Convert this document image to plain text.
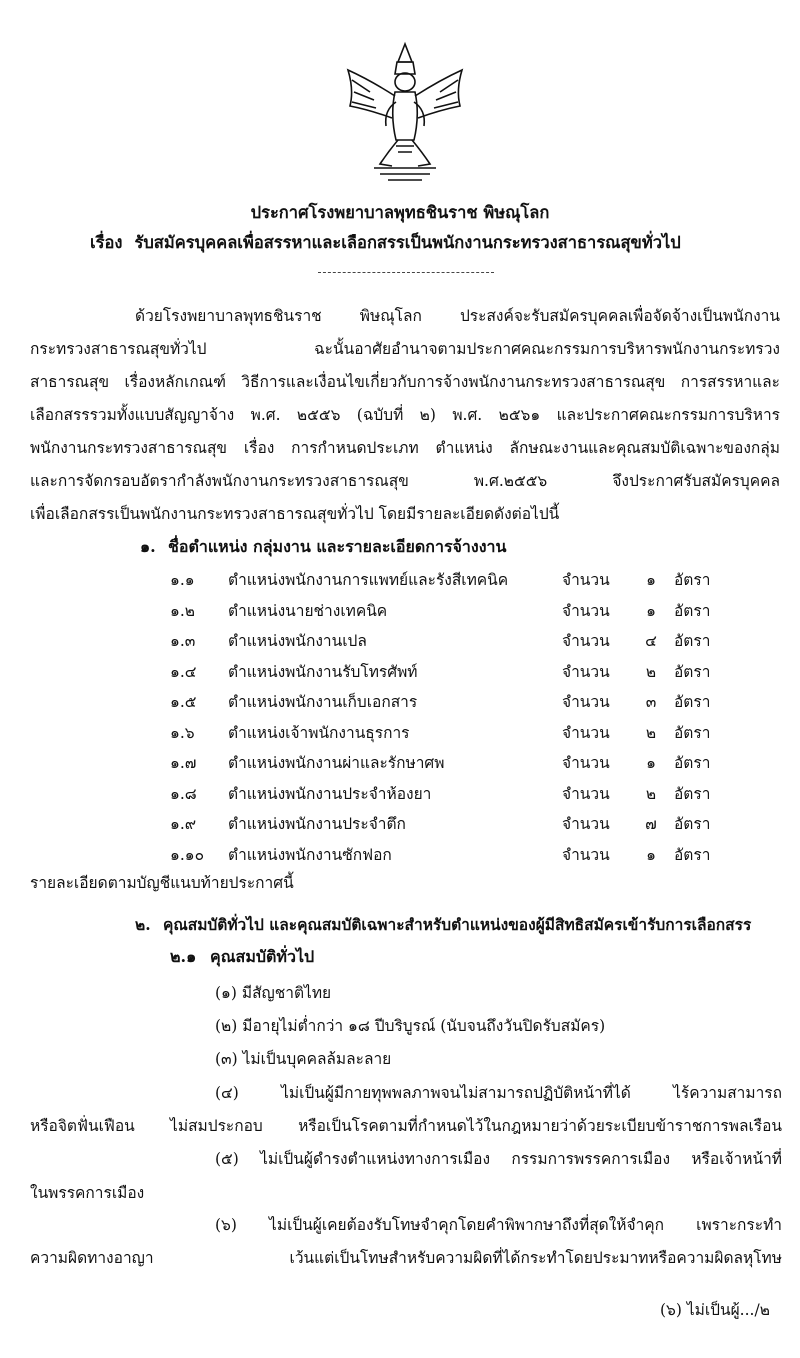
ประกาศโรงพยาบาลพุทธชินราช พิษณุโลก
เรื่อง รับสมัครบุคคลเพื่อสรรหาและเลือกสรรเป็นพนักงานกระทรวงสาธารณสุขทั่วไป
ด้วยโรงพยาบาลพุทธชินราช พิษณุโลก ประสงค์จะรับสมัครบุคคลเพื่อจัดจ้างเป็นพนักงาน
กระทรวงสาธารณสุขทั่วไป ฉะนั้นอาศัยอำนาจตามประกาศคณะกรรมการบริหารพนักงานกระทรวง
สาธารณสุข เรื่องหลักเกณฑ์ วิธีการและเงื่อนไขเกี่ยวกับการจ้างพนักงานกระทรวงสาธารณสุข การสรรหาและ
เลือกสรรรวมทั้งแบบสัญญาจ้าง พ.ศ. ๒๕๕๖ (ฉบับที่ ๒) พ.ศ. ๒๕๖๑ และประกาศคณะกรรมการบริหาร
พนักงานกระทรวงสาธารณสุข เรื่อง การกำหนดประเภท ตำแหน่ง ลักษณะงานและคุณสมบัติเฉพาะของกลุ่ม
และการจัดกรอบอัตรากำลังพนักงานกระทรวงสาธารณสุข พ.ศ.๒๕๕๖ จึงประกาศรับสมัครบุคคล
เพื่อเลือกสรรเป็นพนักงานกระทรวงสาธารณสุขทั่วไป โดยมีรายละเอียดดังต่อไปนี้
๑. ชื่อตำแหน่ง กลุ่มงาน และรายละเอียดการจ้างงาน
๑.๑	ตำแหน่งพนักงานการแพทย์และรังสีเทคนิค	จำนวน	๑	อัตรา
๑.๒	ตำแหน่งนายช่างเทคนิค	จำนวน	๑	อัตรา
๑.๓	ตำแหน่งพนักงานเปล	จำนวน ๔ อัตรา
๑.๔	ตำแหน่งพนักงานรับโทรศัพท์	จำนวน	๒	อัตรา
๑.๕	ตำแหน่งพนักงานเก็บเอกสาร	จำนวน	๓	อัตรา
๑.๖	ตำแหน่งเจ้าพนักงานธุรการ	จำนวน	๒	อัตรา
๑.๗	ตำแหน่งพนักงานผ่าและรักษาศพ	จำนวน	๑	อัตรา
๑.๘	ตำแหน่งพนักงานประจำห้องยา	จำนวน	๒	อัตรา
๑.๙	ตำแหน่งพนักงานประจำตึก	จำนวน ๗ อัตรา
๑.๑๐	ตำแหน่งพนักงานซักฟอก	จำนวน	๑	อัตรา
รายละเอียดตามบัญชีแนบท้ายประกาศนี้
๒. คุณสมบัติทั่วไป และคุณสมบัติเฉพาะสำหรับตำแหน่งของผู้มีสิทธิสมัครเข้ารับการเลือกสรร
๒.๑ คุณสมบัติทั่วไป
(๑) มีสัญชาติไทย
(๒) มีอายุไม่ต่ำกว่า ๑๘ ปีบริบูรณ์ (นับจนถึงวันปิดรับสมัคร)
(๓) ไม่เป็นบุคคลล้มละลาย
(๔) ไม่เป็นผู้มีกายทุพพลภาพจนไม่สามารถปฏิบัติหน้าที่ได้ ไร้ความสามารถ
หรือจิตฟั่นเฟือน ไม่สมประกอบ หรือเป็นโรคตามที่กำหนดไว้ในกฎหมายว่าด้วยระเบียบข้าราชการพลเรือน
(๕) ไม่เป็นผู้ดำรงตำแหน่งทางการเมือง กรรมการพรรคการเมือง หรือเจ้าหน้าที่
ในพรรคการเมือง
(๖) ไม่เป็นผู้เคยต้องรับโทษจำคุกโดยคำพิพากษาถึงที่สุดให้จำคุก เพราะกระทำ
ความผิดทางอาญา เว้นแต่เป็นโทษสำหรับความผิดที่ได้กระทำโดยประมาทหรือความผิดลหุโทษ
(๖) ไม่เป็นผู้.../๒
